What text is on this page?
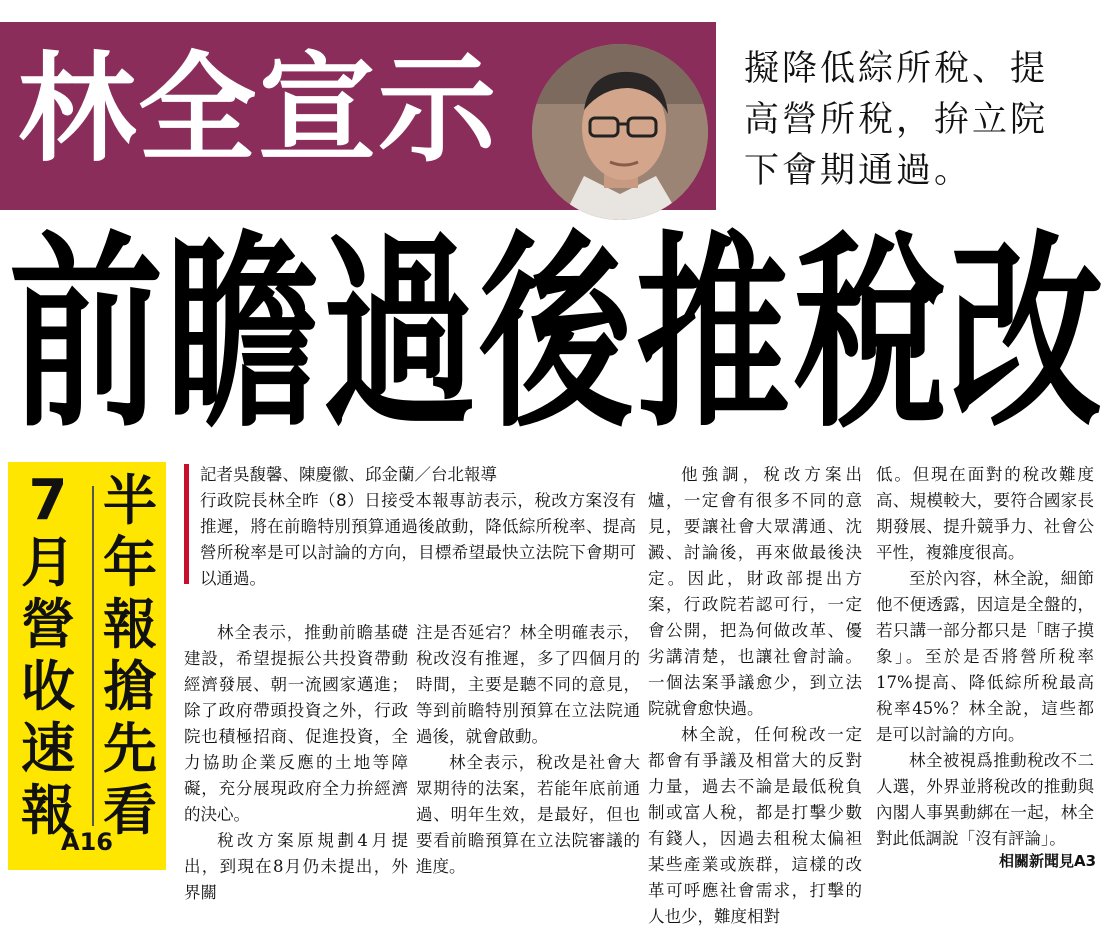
林全宣示	擬降低綜所稅、提高營所稅，拚立院下會期通過。
前 瞻 過 後 推 稅 改
半
年
報
搶
先
看
7
月
營
收
速
報
A16
記者吳馥馨、陳慶徽、邱金蘭／台北報導
行政院長林全昨（8）日接受本報專訪表示，稅改方案沒有推遲，將在前瞻特別預算通過後啟動，降低綜所稅率、提高營所稅率是可以討論的方向，目標希望最快立法院下會期可以通過。

林全表示，推動前瞻基礎建設，希望提振公共投資帶動經濟發展、朝一流國家邁進；除了政府帶頭投資之外，行政院也積極招商、促進投資，全力協助企業反應的土地等障礙，充分展現政府全力拚經濟的決心。

稅改方案原規劃4月提出，到現在8月仍未提出，外界關

注是否延宕？林全明確表示，稅改沒有推遲，多了四個月的時間，主要是聽不同的意見，等到前瞻特別預算在立法院通過後，就會啟動。

林全表示，稅改是社會大眾期待的法案，若能年底前通過、明年生效，是最好，但也要看前瞻預算在立法院審議的進度。

他強調，稅改方案出爐，一定會有很多不同的意見，要讓社會大眾溝通、沈澱、討論後，再來做最後決定。因此，財政部提出方案，行政院若認可行，一定會公開，把為何做改革、優劣講清楚，也讓社會討論。一個法案爭議愈少，到立法院就會愈快過。

林全說，任何稅改一定都會有爭議及相當大的反對力量，過去不論是最低稅負制或富人稅，都是打擊少數有錢人，因過去租稅太偏袒某些產業或族群，這樣的改革可呼應社會需求，打擊的人也少，難度相對

低。但現在面對的稅改難度高、規模較大，要符合國家長期發展、提升競爭力、社會公平性，複雜度很高。

至於內容，林全說，細節他不便透露，因這是全盤的，若只講一部分都只是「瞎子摸象」。至於是否將營所稅率17%提高、降低綜所稅最高稅率45%？林全說，這些都是可以討論的方向。

林全被視爲推動稅改不二人選，外界並將稅改的推動與內閣人事異動綁在一起，林全對此低調說「沒有評論」。

相關新聞見A3
